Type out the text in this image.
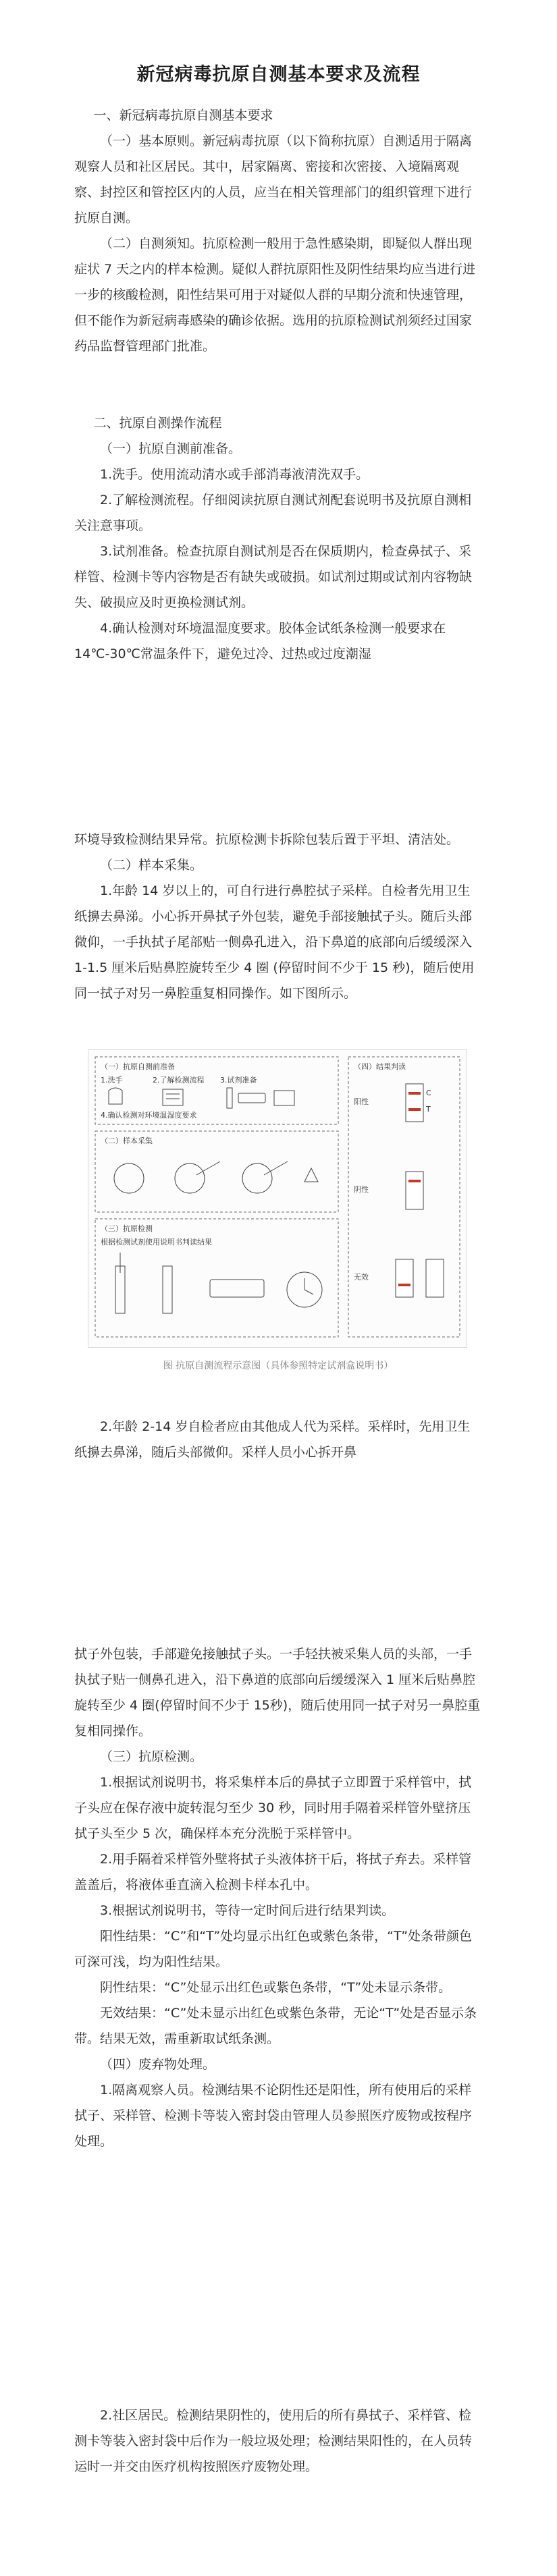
新冠病毒抗原自测基本要求及流程

一、新冠病毒抗原自测基本要求

（一）基本原则。新冠病毒抗原（以下简称抗原）自测适用于隔离观察人员和社区居民。其中，居家隔离、密接和次密接、入境隔离观察、封控区和管控区内的人员，应当在相关管理部门的组织管理下进行抗原自测。

（二）自测须知。抗原检测一般用于急性感染期，即疑似人群出现症状 7 天之内的样本检测。疑似人群抗原阳性及阴性结果均应当进行进一步的核酸检测，阳性结果可用于对疑似人群的早期分流和快速管理，但不能作为新冠病毒感染的确诊依据。选用的抗原检测试剂须经过国家药品监督管理部门批准。

二、抗原自测操作流程

（一）抗原自测前准备。

1.洗手。使用流动清水或手部消毒液清洗双手。

2.了解检测流程。仔细阅读抗原自测试剂配套说明书及抗原自测相关注意事项。

3.试剂准备。检查抗原自测试剂是否在保质期内，检查鼻拭子、采样管、检测卡等内容物是否有缺失或破损。如试剂过期或试剂内容物缺失、破损应及时更换检测试剂。

4.确认检测对环境温湿度要求。胶体金试纸条检测一般要求在 14℃-30℃常温条件下，避免过冷、过热或过度潮湿

环境导致检测结果异常。抗原检测卡拆除包装后置于平坦、清洁处。

（二）样本采集。

1.年龄 14 岁以上的，可自行进行鼻腔拭子采样。自检者先用卫生纸擤去鼻涕。小心拆开鼻拭子外包装，避免手部接触拭子头。随后头部微仰，一手执拭子尾部贴一侧鼻孔进入，沿下鼻道的底部向后缓缓深入 1-1.5 厘米后贴鼻腔旋转至少 4 圈 (停留时间不少于 15 秒)，随后使用同一拭子对另一鼻腔重复相同操作。如下图所示。

（一）抗原自测前准备
1.洗手	2.了解检测流程 3.试剂准备
4.确认检测对环境温湿度要求
（二）样本采集
（三）抗原检测
根据检测试剂使用说明书判读结果
（四）结果判读
阳性
C
T
阴性
无效
图 抗原自测流程示意图（具体参照特定试剂盒说明书）

2.年龄 2-14 岁自检者应由其他成人代为采样。采样时，先用卫生纸擤去鼻涕，随后头部微仰。采样人员小心拆开鼻

拭子外包装，手部避免接触拭子头。一手轻扶被采集人员的头部，一手执拭子贴一侧鼻孔进入，沿下鼻道的底部向后缓缓深入 1 厘米后贴鼻腔旋转至少 4 圈(停留时间不少于 15秒)，随后使用同一拭子对另一鼻腔重复相同操作。

（三）抗原检测。

1.根据试剂说明书，将采集样本后的鼻拭子立即置于采样管中，拭子头应在保存液中旋转混匀至少 30 秒，同时用手隔着采样管外壁挤压拭子头至少 5 次，确保样本充分洗脱于采样管中。

2.用手隔着采样管外壁将拭子头液体挤干后，将拭子弃去。采样管盖盖后，将液体垂直滴入检测卡样本孔中。

3.根据试剂说明书，等待一定时间后进行结果判读。

阳性结果：“C”和“T”处均显示出红色或紫色条带，“T”处条带颜色可深可浅，均为阳性结果。

阴性结果：“C”处显示出红色或紫色条带，“T”处未显示条带。

无效结果：“C”处未显示出红色或紫色条带，无论“T”处是否显示条带。结果无效，需重新取试纸条测。

（四）废弃物处理。

1.隔离观察人员。检测结果不论阴性还是阳性，所有使用后的采样拭子、采样管、检测卡等装入密封袋由管理人员参照医疗废物或按程序处理。

2.社区居民。检测结果阴性的，使用后的所有鼻拭子、采样管、检测卡等装入密封袋中后作为一般垃圾处理；检测结果阳性的，在人员转运时一并交由医疗机构按照医疗废物处理。
